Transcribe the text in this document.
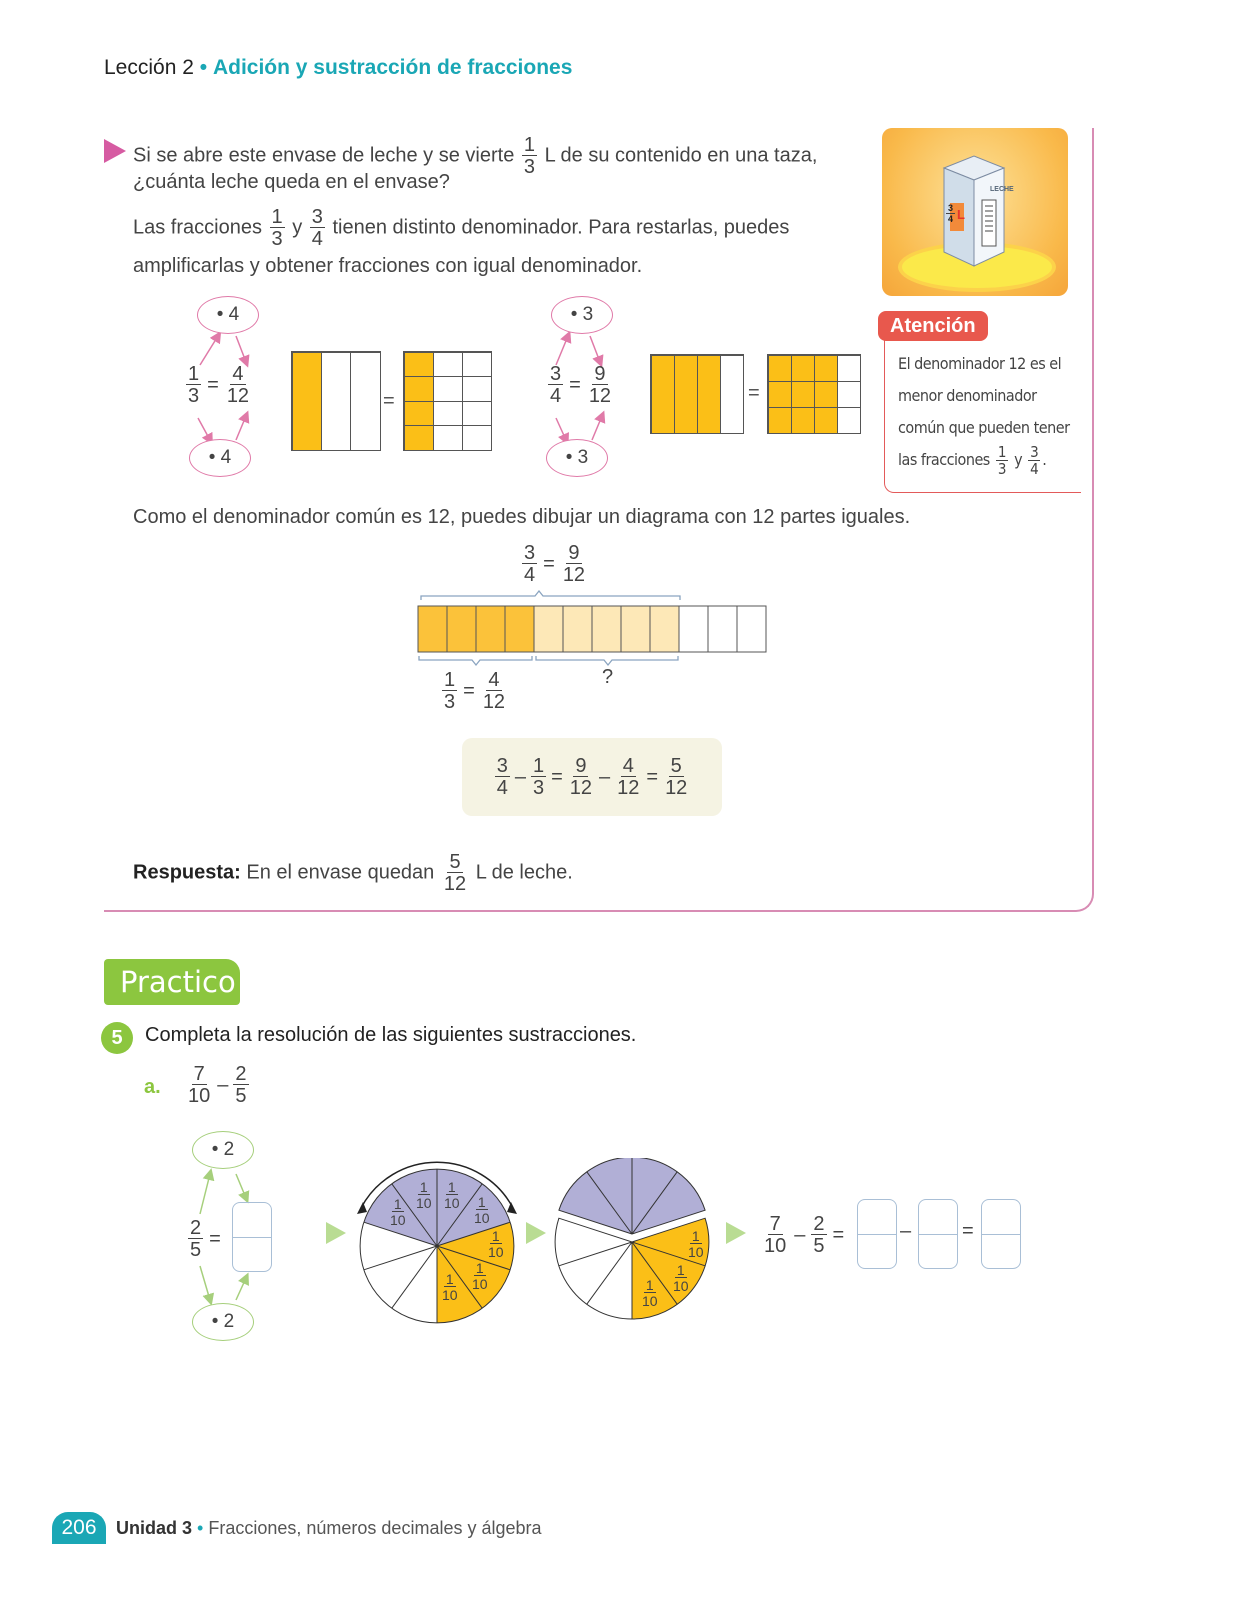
Lección 2 • Adición y sustracción de fracciones
Si se abre este envase de leche y se vierte $\frac{1}{3}$ L de su contenido en una taza,
¿cuánta leche queda en el envase?
Las fracciones $\frac{1}{3}$ y $\frac{3}{4}$ tienen distinto denominador. Para restarlas, puedes
amplificarlas y obtener fracciones con igual denominador.
LECHE
$\frac{3}{4}$ L
Atención
El denominador 12 es el menor denominador común que pueden tener las fracciones $\frac{1}{3}$ y $\frac{3}{4}$ .
• 4
• 4
$\frac{1}{3} = \frac{4}{12}$	=
• 3
• 3
$\frac{3}{4} = \frac{9}{12}$	=
Como el denominador común es 12, puedes dibujar un diagrama con 12 partes iguales.
$\frac{3}{4} = \frac{9}{12}$
$\frac{1}{3} = \frac{4}{12}$	?
$\frac{3}{4} - \frac{1}{3} = \frac{9}{12} - \frac{4}{12} = \frac{5}{12}$
Respuesta: En el envase quedan $\frac{5}{12}$ L de leche.
Practico
5	Completa la resolución de las siguientes sustracciones.
a. $\frac{7}{10} - \frac{2}{5}$
• 2
• 2
$\frac{2}{5}$ =
$\frac{1}{10}$
$\frac{1}{10} \frac{1}{10} \frac{1}{10}$
$\frac{1}{10}$
$\frac{1}{10}$
$\frac{1}{10}$
$\frac{1}{10}$
$\frac{1}{10}$
$\frac{1}{10}$
$\frac{7}{10} - \frac{2}{5}$ =	–	=
206	Unidad 3 • Fracciones, números decimales y álgebra
